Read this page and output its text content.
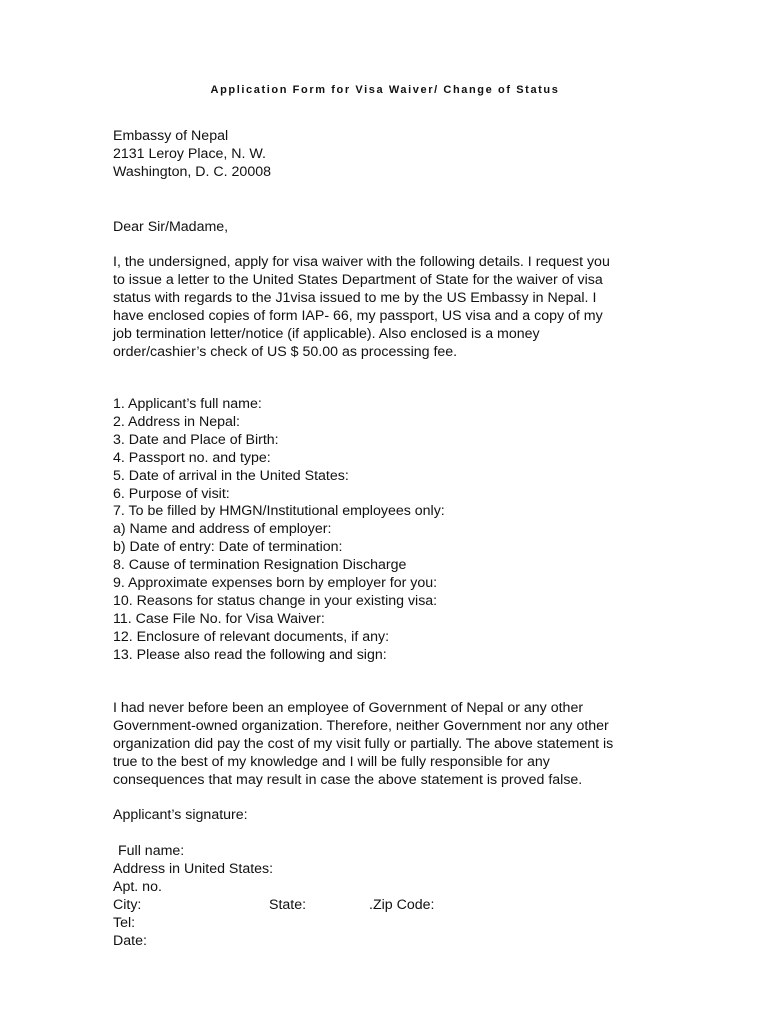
Application Form for Visa Waiver/ Change of Status
Embassy of Nepal
2131 Leroy Place, N. W.
Washington, D. C. 20008
Dear Sir/Madame,
I, the undersigned, apply for visa waiver with the following details. I request you
to issue a letter to the United States Department of State for the waiver of visa
status with regards to the J1visa issued to me by the US Embassy in Nepal. I
have enclosed copies of form IAP- 66, my passport, US visa and a copy of my
job termination letter/notice (if applicable). Also enclosed is a money
order/cashier’s check of US $ 50.00 as processing fee.
1. Applicant’s full name:
2. Address in Nepal:
3. Date and Place of Birth:
4. Passport no. and type:
5. Date of arrival in the United States:
6. Purpose of visit:
7. To be filled by HMGN/Institutional employees only:
a) Name and address of employer:
b) Date of entry: Date of termination:
8. Cause of termination Resignation Discharge
9. Approximate expenses born by employer for you:
10. Reasons for status change in your existing visa:
11. Case File No. for Visa Waiver:
12. Enclosure of relevant documents, if any:
13. Please also read the following and sign:
I had never before been an employee of Government of Nepal or any other
Government-owned organization. Therefore, neither Government nor any other
organization did pay the cost of my visit fully or partially. The above statement is
true to the best of my knowledge and I will be fully responsible for any
consequences that may result in case the above statement is proved false.
Applicant’s signature:
Full name:
Address in United States:
Apt. no.
City:	State:	.Zip Code:
Tel:
Date:
